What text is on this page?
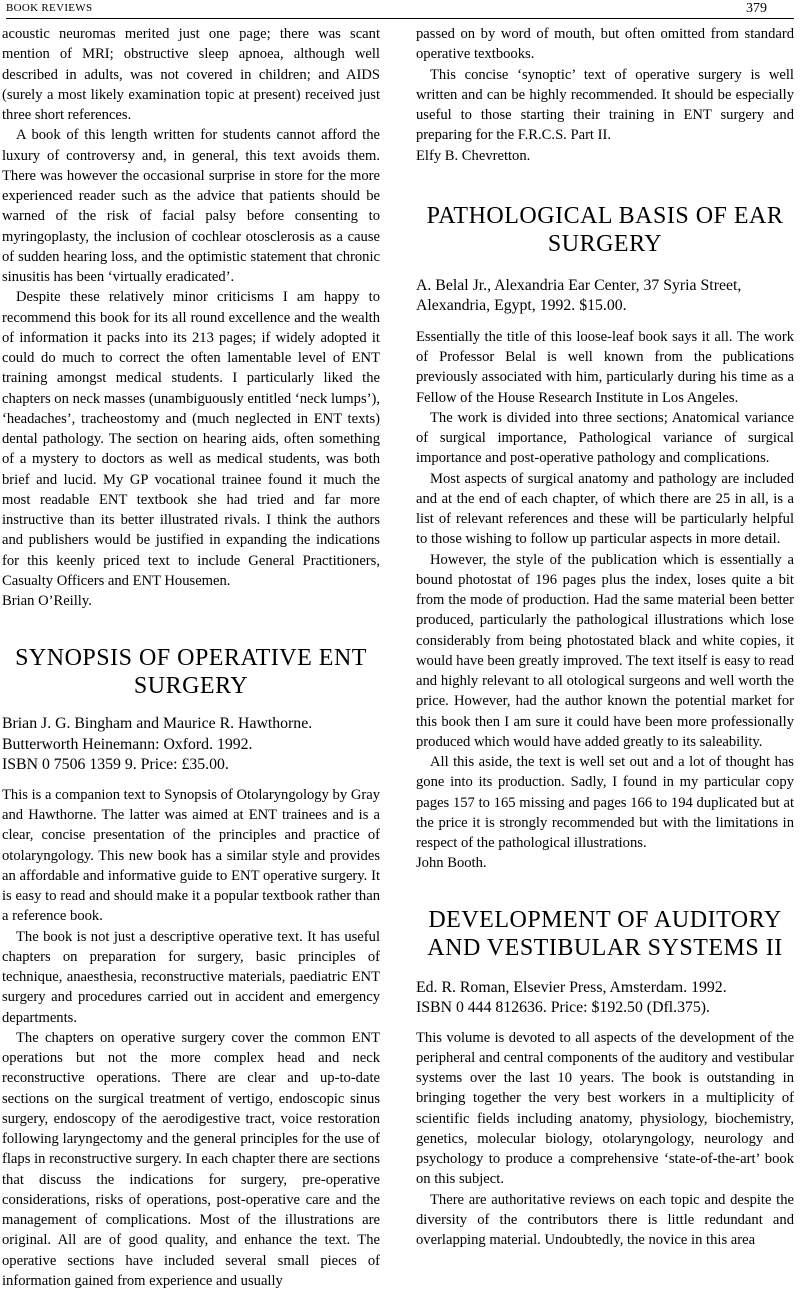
BOOK REVIEWS	379

acoustic neuromas merited just one page; there was scant mention of MRI; obstructive sleep apnoea, although well described in adults, was not covered in children; and AIDS (surely a most likely examination topic at present) received just three short references.

A book of this length written for students cannot afford the luxury of controversy and, in general, this text avoids them. There was however the occasional surprise in store for the more experienced reader such as the advice that patients should be warned of the risk of facial palsy before consenting to myringoplasty, the inclusion of cochlear otosclerosis as a cause of sudden hearing loss, and the optimistic statement that chronic sinusitis has been ‘virtually eradicated’.

Despite these relatively minor criticisms I am happy to recommend this book for its all round excellence and the wealth of information it packs into its 213 pages; if widely adopted it could do much to correct the often lamentable level of ENT training amongst medical students. I particularly liked the chapters on neck masses (unambiguously entitled ‘neck lumps’), ‘headaches’, tracheostomy and (much neglected in ENT texts) dental pathology. The section on hearing aids, often something of a mystery to doctors as well as medical students, was both brief and lucid. My GP vocational trainee found it much the most readable ENT textbook she had tried and far more instructive than its better illustrated rivals. I think the authors and publishers would be justified in expanding the indications for this keenly priced text to include General Practitioners, Casualty Officers and ENT Housemen.

Brian O’Reilly.

SYNOPSIS OF OPERATIVE ENT SURGERY
Brian J. G. Bingham and Maurice R. Hawthorne.
Butterworth Heinemann: Oxford. 1992.
ISBN 0 7506 1359 9. Price: £35.00.

This is a companion text to Synopsis of Otolaryngology by Gray and Hawthorne. The latter was aimed at ENT trainees and is a clear, concise presentation of the principles and practice of otolaryngology. This new book has a similar style and provides an affordable and informative guide to ENT operative surgery. It is easy to read and should make it a popular textbook rather than a reference book.

The book is not just a descriptive operative text. It has useful chapters on preparation for surgery, basic principles of technique, anaesthesia, reconstructive materials, paediatric ENT surgery and procedures carried out in accident and emergency departments.

The chapters on operative surgery cover the common ENT operations but not the more complex head and neck reconstructive operations. There are clear and up-to-date sections on the surgical treatment of vertigo, endoscopic sinus surgery, endoscopy of the aerodigestive tract, voice restoration following laryngectomy and the general principles for the use of flaps in reconstructive surgery. In each chapter there are sections that discuss the indications for surgery, pre-operative considerations, risks of operations, post-operative care and the management of complications. Most of the illustrations are original. All are of good quality, and enhance the text. The operative sections have included several small pieces of information gained from experience and usually

passed on by word of mouth, but often omitted from standard operative textbooks.

This concise ‘synoptic’ text of operative surgery is well written and can be highly recommended. It should be especially useful to those starting their training in ENT surgery and preparing for the F.R.C.S. Part II.

Elfy B. Chevretton.

PATHOLOGICAL BASIS OF EAR SURGERY
A. Belal Jr., Alexandria Ear Center, 37 Syria Street,
Alexandria, Egypt, 1992. $15.00.

Essentially the title of this loose-leaf book says it all. The work of Professor Belal is well known from the publications previously associated with him, particularly during his time as a Fellow of the House Research Institute in Los Angeles.

The work is divided into three sections; Anatomical variance of surgical importance, Pathological variance of surgical importance and post-operative pathology and complications.

Most aspects of surgical anatomy and pathology are included and at the end of each chapter, of which there are 25 in all, is a list of relevant references and these will be particularly helpful to those wishing to follow up particular aspects in more detail.

However, the style of the publication which is essentially a bound photostat of 196 pages plus the index, loses quite a bit from the mode of production. Had the same material been better produced, particularly the pathological illustrations which lose considerably from being photostated black and white copies, it would have been greatly improved. The text itself is easy to read and highly relevant to all otological surgeons and well worth the price. However, had the author known the potential market for this book then I am sure it could have been more professionally produced which would have added greatly to its saleability.

All this aside, the text is well set out and a lot of thought has gone into its production. Sadly, I found in my particular copy pages 157 to 165 missing and pages 166 to 194 duplicated but at the price it is strongly recommended but with the limitations in respect of the pathological illustrations.

John Booth.

DEVELOPMENT OF AUDITORY AND VESTIBULAR SYSTEMS II
Ed. R. Roman, Elsevier Press, Amsterdam. 1992.
ISBN 0 444 812636. Price: $192.50 (Dfl.375).

This volume is devoted to all aspects of the development of the peripheral and central components of the auditory and vestibular systems over the last 10 years. The book is outstanding in bringing together the very best workers in a multiplicity of scientific fields including anatomy, physiology, biochemistry, genetics, molecular biology, otolaryngology, neurology and psychology to produce a comprehensive ‘state-of-the-art’ book on this subject.

There are authoritative reviews on each topic and despite the diversity of the contributors there is little redundant and overlapping material. Undoubtedly, the novice in this area
